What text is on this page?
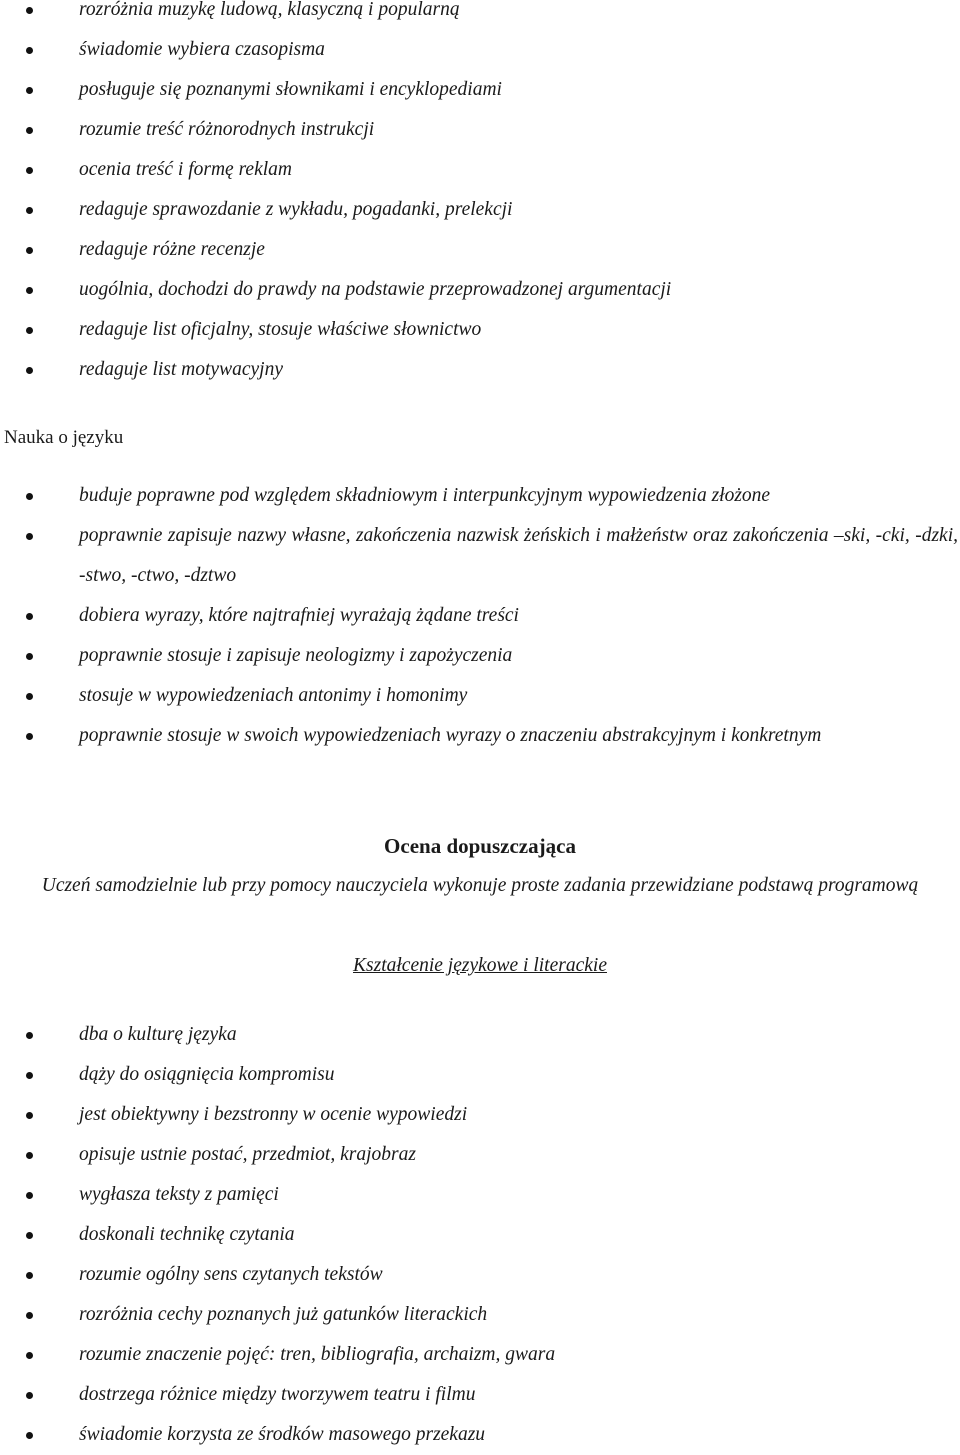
rozróżnia muzykę ludową, klasyczną i popularną
świadomie wybiera czasopisma
posługuje się poznanymi słownikami i encyklopediami
rozumie treść różnorodnych instrukcji
ocenia treść i formę reklam
redaguje sprawozdanie z wykładu, pogadanki, prelekcji
redaguje różne recenzje
uogólnia, dochodzi do prawdy na podstawie przeprowadzonej argumentacji
redaguje list oficjalny, stosuje właściwe słownictwo
redaguje list motywacyjny
Nauka o języku
buduje poprawne pod względem składniowym i interpunkcyjnym wypowiedzenia złożone
poprawnie zapisuje nazwy własne, zakończenia nazwisk żeńskich i małżeństw oraz zakończenia –ski, -cki, -dzki, -stwo, -ctwo, -dztwo
dobiera wyrazy, które najtrafniej wyrażają żądane treści
poprawnie stosuje i zapisuje neologizmy i zapożyczenia
stosuje w wypowiedzeniach antonimy i homonimy
poprawnie stosuje w swoich wypowiedzeniach wyrazy o znaczeniu abstrakcyjnym i konkretnym
Ocena dopuszczająca
Uczeń samodzielnie lub przy pomocy nauczyciela wykonuje proste zadania przewidziane podstawą programową
Kształcenie językowe i literackie
dba o kulturę języka
dąży do osiągnięcia kompromisu
jest obiektywny i bezstronny w ocenie wypowiedzi
opisuje ustnie postać, przedmiot, krajobraz
wygłasza teksty z pamięci
doskonali technikę czytania
rozumie ogólny sens czytanych tekstów
rozróżnia cechy poznanych już gatunków literackich
rozumie znaczenie pojęć: tren, bibliografia, archaizm, gwara
dostrzega różnice między tworzywem teatru i filmu
świadomie korzysta ze środków masowego przekazu
